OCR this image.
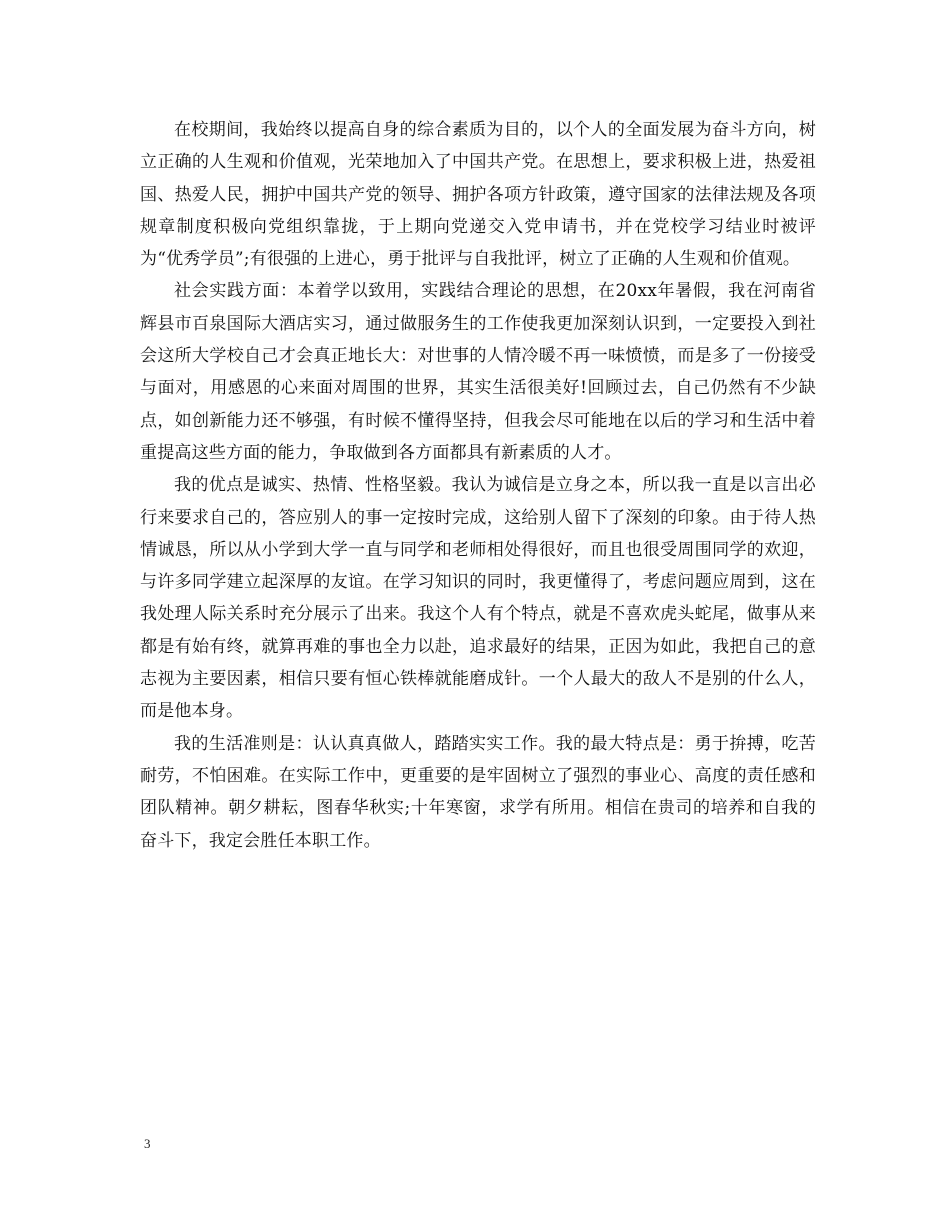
在校期间，我始终以提高自身的综合素质为目的，以个人的全面发展为奋斗方向，树立正确的人生观和价值观，光荣地加入了中国共产党。在思想上，要求积极上进，热爱祖国、热爱人民，拥护中国共产党的领导、拥护各项方针政策，遵守国家的法律法规及各项规章制度积极向党组织靠拢，于上期向党递交入党申请书，并在党校学习结业时被评为“优秀学员”;有很强的上进心，勇于批评与自我批评，树立了正确的人生观和价值观。

社会实践方面：本着学以致用，实践结合理论的思想，在20xx年暑假，我在河南省辉县市百泉国际大酒店实习，通过做服务生的工作使我更加深刻认识到，一定要投入到社会这所大学校自己才会真正地长大：对世事的人情冷暖不再一味愤愤，而是多了一份接受与面对，用感恩的心来面对周围的世界，其实生活很美好!回顾过去，自己仍然有不少缺点，如创新能力还不够强，有时候不懂得坚持，但我会尽可能地在以后的学习和生活中着重提高这些方面的能力，争取做到各方面都具有新素质的人才。

我的优点是诚实、热情、性格坚毅。我认为诚信是立身之本，所以我一直是以言出必行来要求自己的，答应别人的事一定按时完成，这给别人留下了深刻的印象。由于待人热情诚恳，所以从小学到大学一直与同学和老师相处得很好，而且也很受周围同学的欢迎，与许多同学建立起深厚的友谊。在学习知识的同时，我更懂得了，考虑问题应周到，这在我处理人际关系时充分展示了出来。我这个人有个特点，就是不喜欢虎头蛇尾，做事从来都是有始有终，就算再难的事也全力以赴，追求最好的结果，正因为如此，我把自己的意志视为主要因素，相信只要有恒心铁棒就能磨成针。一个人最大的敌人不是别的什么人，而是他本身。

我的生活准则是：认认真真做人，踏踏实实工作。我的最大特点是：勇于拚搏，吃苦耐劳，不怕困难。在实际工作中，更重要的是牢固树立了强烈的事业心、高度的责任感和团队精神。朝夕耕耘，图春华秋实;十年寒窗，求学有所用。相信在贵司的培养和自我的奋斗下，我定会胜任本职工作。

3
